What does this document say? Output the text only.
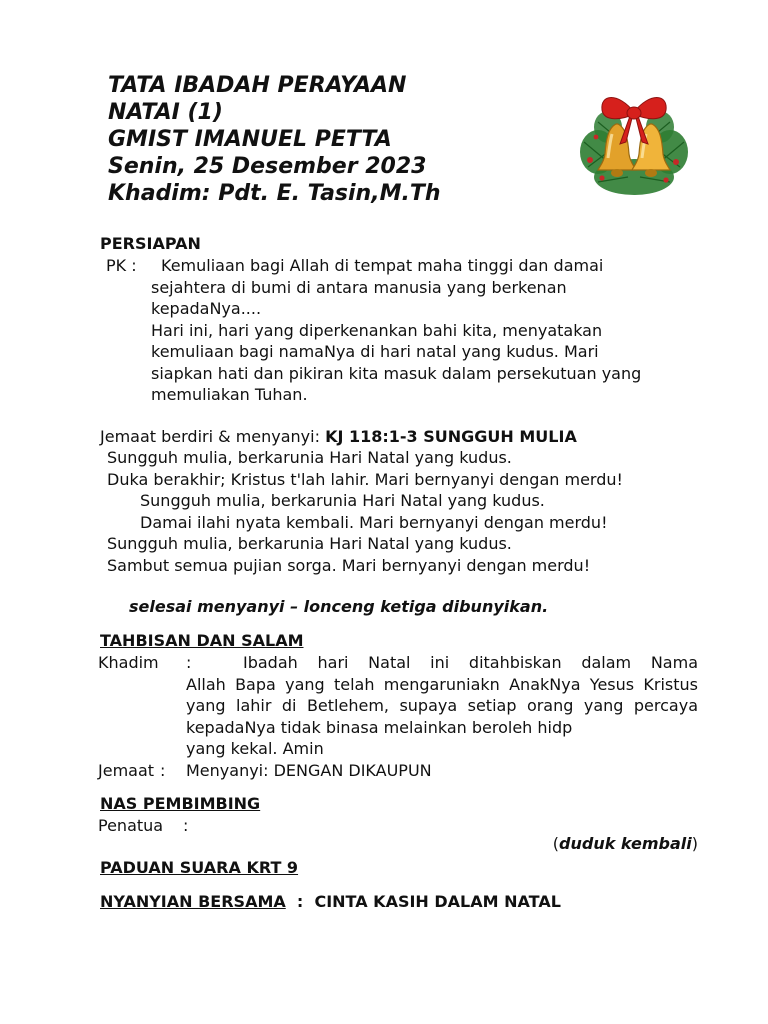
TATA IBADAH PERAYAAN
NATAI (1)
GMIST IMANUEL PETTA
Senin, 25 Desember 2023
Khadim: Pdt. E. Tasin,M.Th
PERSIAPAN
PK :	Kemuliaan bagi Allah di tempat maha tinggi dan damai
sejahtera di bumi di antara manusia yang berkenan
kepadaNya....
Hari ini, hari yang diperkenankan bahi kita, menyatakan
kemuliaan bagi namaNya di hari natal yang kudus. Mari
siapkan hati dan pikiran kita masuk dalam persekutuan yang
memuliakan Tuhan.
Jemaat berdiri & menyanyi: KJ 118:1-3 SUNGGUH MULIA
Sungguh mulia, berkarunia Hari Natal yang kudus.
Duka berakhir; Kristus t'lah lahir. Mari bernyanyi dengan merdu!
Sungguh mulia, berkarunia Hari Natal yang kudus.
Damai ilahi nyata kembali. Mari bernyanyi dengan merdu!
Sungguh mulia, berkarunia Hari Natal yang kudus.
Sambut semua pujian sorga. Mari bernyanyi dengan merdu!
selesai menyanyi – lonceng ketiga dibunyikan.
TAHBISAN DAN SALAM
Khadim :	Ibadah hari Natal ini ditahbiskan dalam Nama
Allah Bapa yang telah mengaruniakn AnakNya Yesus Kristus yang lahir di Betlehem, supaya setiap orang yang percaya kepadaNya tidak binasa melainkan beroleh hidp
yang kekal. Amin
Jemaat : Menyanyi: DENGAN DIKAUPUN
NAS PEMBIMBING
Penatua :
(duduk kembali)
PADUAN SUARA KRT 9
NYANYIAN BERSAMA  :  CINTA KASIH DALAM NATAL
